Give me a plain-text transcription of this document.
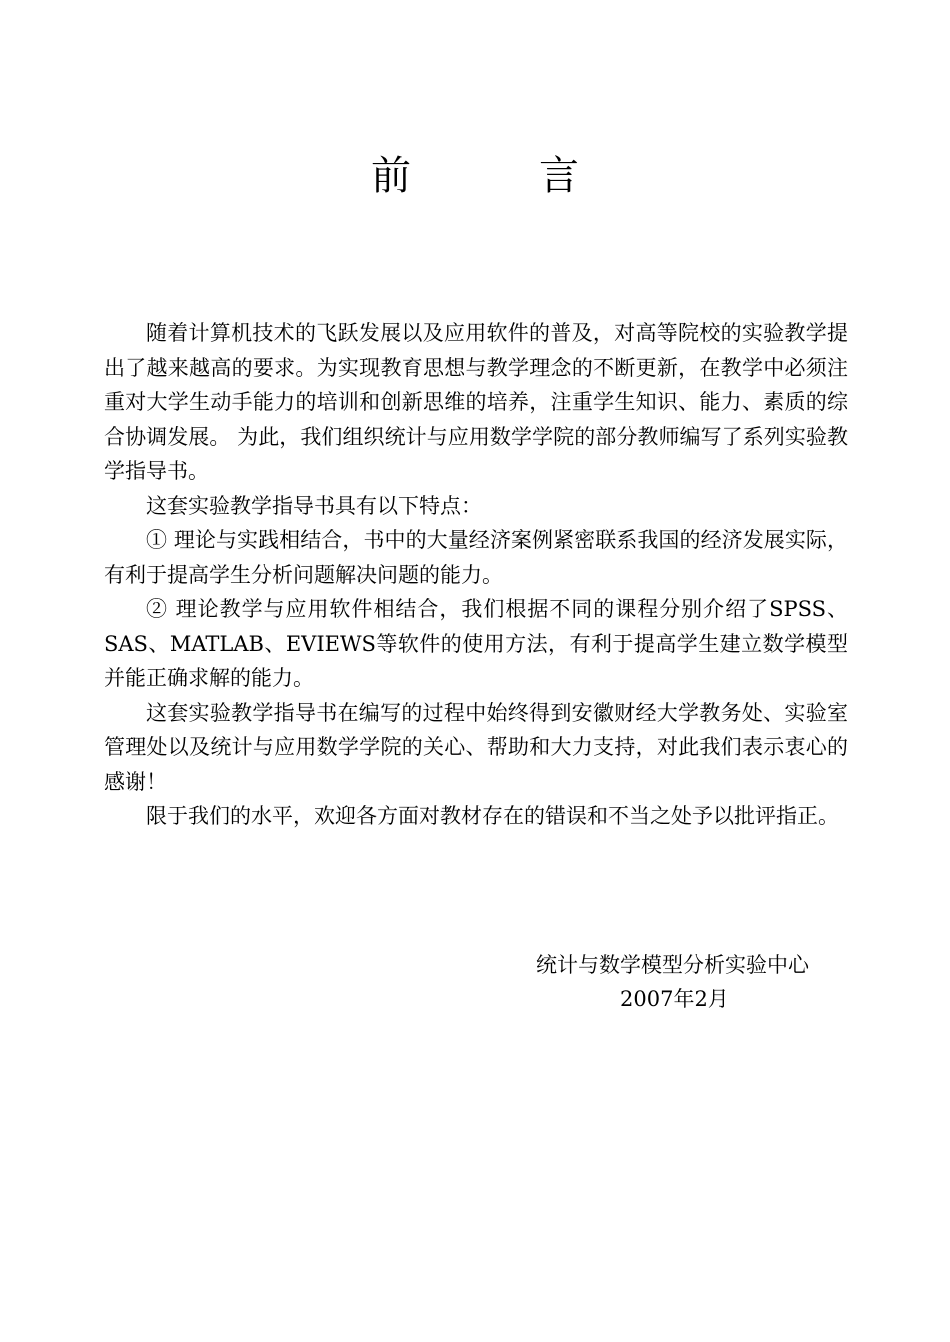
前　言

随着计算机技术的飞跃发展以及应用软件的普及，对高等院校的实验教学提出了越来越高的要求。为实现教育思想与教学理念的不断更新，在教学中必须注重对大学生动手能力的培训和创新思维的培养，注重学生知识、能力、素质的综合协调发展。 为此，我们组织统计与应用数学学院的部分教师编写了系列实验教学指导书。

这套实验教学指导书具有以下特点：

① 理论与实践相结合，书中的大量经济案例紧密联系我国的经济发展实际，有利于提高学生分析问题解决问题的能力。

② 理论教学与应用软件相结合，我们根据不同的课程分别介绍了SPSS、SAS、MATLAB、EVIEWS等软件的使用方法，有利于提高学生建立数学模型并能正确求解的能力。

这套实验教学指导书在编写的过程中始终得到安徽财经大学教务处、实验室管理处以及统计与应用数学学院的关心、帮助和大力支持，对此我们表示衷心的感谢！

限于我们的水平，欢迎各方面对教材存在的错误和不当之处予以批评指正。

统计与数学模型分析实验中心
2007年2月
